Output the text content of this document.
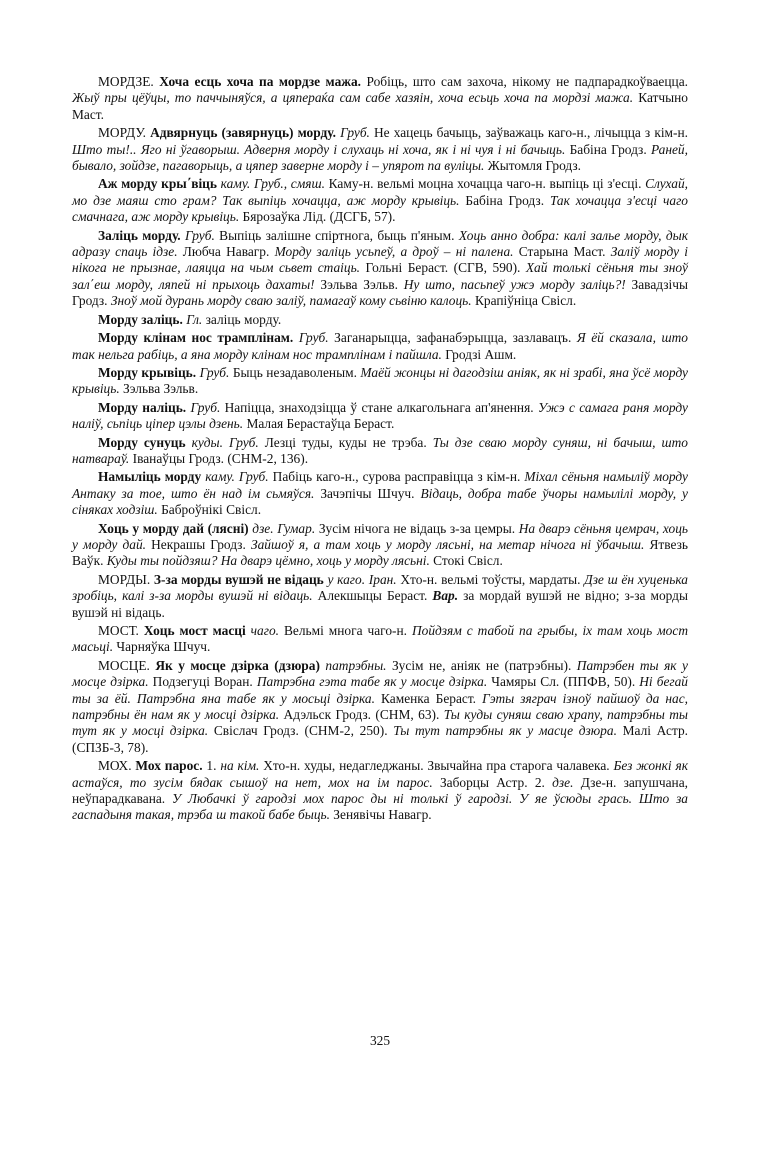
МОРДЗЕ. Хоча есць хоча па мордзе мажа. Робіць, што сам захоча, нікому не падпарадкоўваецца. Жыў пры цёўцы, то паччыняўся, а цяпераќа сам сабе хазяін, хоча есьць хоча па мордзі мажа. Катчыно Маст.

МОРДУ. Адвярнуць (завярнуць) морду. Груб. Не хацець бачыць, заўважаць каго-н., лічыцца з кім-н. Што ты!.. Яго ні ўгаворыш. Адверня морду і слухаць ні хоча, як і ні чуя і ні бачыць. Бабіна Гродз. Раней, бывало, зойдзе, пагаворыць, а цяпер заверне морду і – упярот па вуліцы. Жытомля Гродз.

Аж морду кры΄віць каму. Груб., смяш. Каму-н. вельмі моцна хочацца чаго-н. выпіць ці з'есці. Слухай, мо дзе маяш сто грам? Так выпіць хочацца, аж морду крывіць. Бабіна Гродз. Так хочацца з'есці чаго смачнага, аж морду крывіць. Бярозаўка Лід. (ДСГБ, 57).

Заліць морду. Груб. Выпіць залішне спіртнога, быць п'яным. Хоць анно добра: калі залье морду, дык адразу спаць ідзе. Любча Навагр. Морду заліць усьпеў, а дроў – ні палена. Старына Маст. Заліў морду і нікога не прызнае, лаяцца на чым сьвет стаіць. Гольні Бераст. (СГВ, 590). Хай толькі сёньня ты зноў зал΄еш морду, ляпей ні прыхоць дахаты! Зэльва Зэльв. Ну што, пасьпеў ужэ морду заліць?! Завадзічы Гродз. Зноў мой дурань морду сваю заліў, памагаў кому сьвіню калоць. Крапіўніца Свісл.

Морду заліць. Гл. заліць морду.

Морду клінам нос трамплінам. Груб. Заганарыцца, зафанабэрыцца, зазлавацъ. Я ёй сказала, што так нельга рабіць, а яна морду клінам нос трамплінам і пайшла. Гродзі Ашм.

Морду крывіць. Груб. Быць незадаволеным. Маёй жонцы ні дагодзіш аніяк, як ні зрабі, яна ўсё морду крывіць. Зэльва Зэльв.

Морду наліць. Груб. Напіцца, знаходзіцца ў стане алкагольнага ап'янення. Ужэ с самага раня морду наліў, сьпіць ціпер цэлы дзень. Малая Берастаўца Бераст.

Морду сунуць куды. Груб. Лезці туды, куды не трэба. Ты дзе сваю морду суняш, ні бачыш, што натвараў. Іванаўцы Гродз. (СНМ-2, 136).

Намыліць морду каму. Груб. Пабіць каго-н., сурова расправіцца з кім-н. Міхал сёньня намыліў морду Антаку за тое, што ён над ім сьмяўся. Зачэпічы Шчуч. Відаць, добра табе ўчоры намылілі морду, у сіняках ходзіш. Баброўнікі Свісл.

Хоць у морду дай (лясні) дзе. Гумар. Зусім нічога не відаць з-за цемры. На дварэ сёньня цемрач, хоць у морду дай. Некрашы Гродз. Зайшоў я, а там хоць у морду лясьні, на метар нічога ні ўбачыш. Ятвезь Ваўк. Куды ты пойдзяш? На дварэ цёмно, хоць у морду лясьні. Стокі Свісл.

МОРДЫ. З-за морды вушэй не відаць у каго. Іран. Хто-н. вельмі тоўсты, мардаты. Дзе ш ён хуценька зробіць, калі з-за морды вушэй ні відаць. Алекшыцы Бераст. Вар. за мордай вушэй не відно; з-за морды вушэй ні відаць.

МОСТ. Хоць мост масці чаго. Вельмі многа чаго-н. Пойдзям с табой па грыбы, іх там хоць мост масьці. Чарняўка Шчуч.

МОСЦЕ. Як у мосце дзірка (дзюра) патрэбны. Зусім не, аніяк не (патрэбны). Патрэбен ты як у мосце дзірка. Подзегуці Воран. Патрэбна гэта табе як у мосце дзірка. Чамяры Сл. (ППФВ, 50). Ні бегай ты за ёй. Патрэбна яна табе як у мосьці дзірка. Каменка Бераст. Гэты зяграч ізноў пайшоў да нас, патрэбны ён нам як у мосці дзірка. Адэльск Гродз. (СНМ, 63). Ты куды суняш сваю храпу, патрэбны ты тут як у мосці дзірка. Свіслач Гродз. (СНМ-2, 250). Ты тут патрэбны як у масце дзюра. Малі Астр. (СПЗБ-3, 78).

МОХ. Мох парос. 1. на кім. Хто-н. худы, недагледжаны. Звычайна пра старога чалавека. Без жонкі як астаўся, то зусім бядак сышоў на нет, мох на ім парос. Заборцы Астр. 2. дзе. Дзе-н. запушчана, неўпарадкавана. У Любачкі ў гародзі мох парос ды ні толькі ў гародзі. У яе ўсюды грась. Што за гаспадыня такая, трэба ш такой бабе быць. Зенявічы Навагр.

325
